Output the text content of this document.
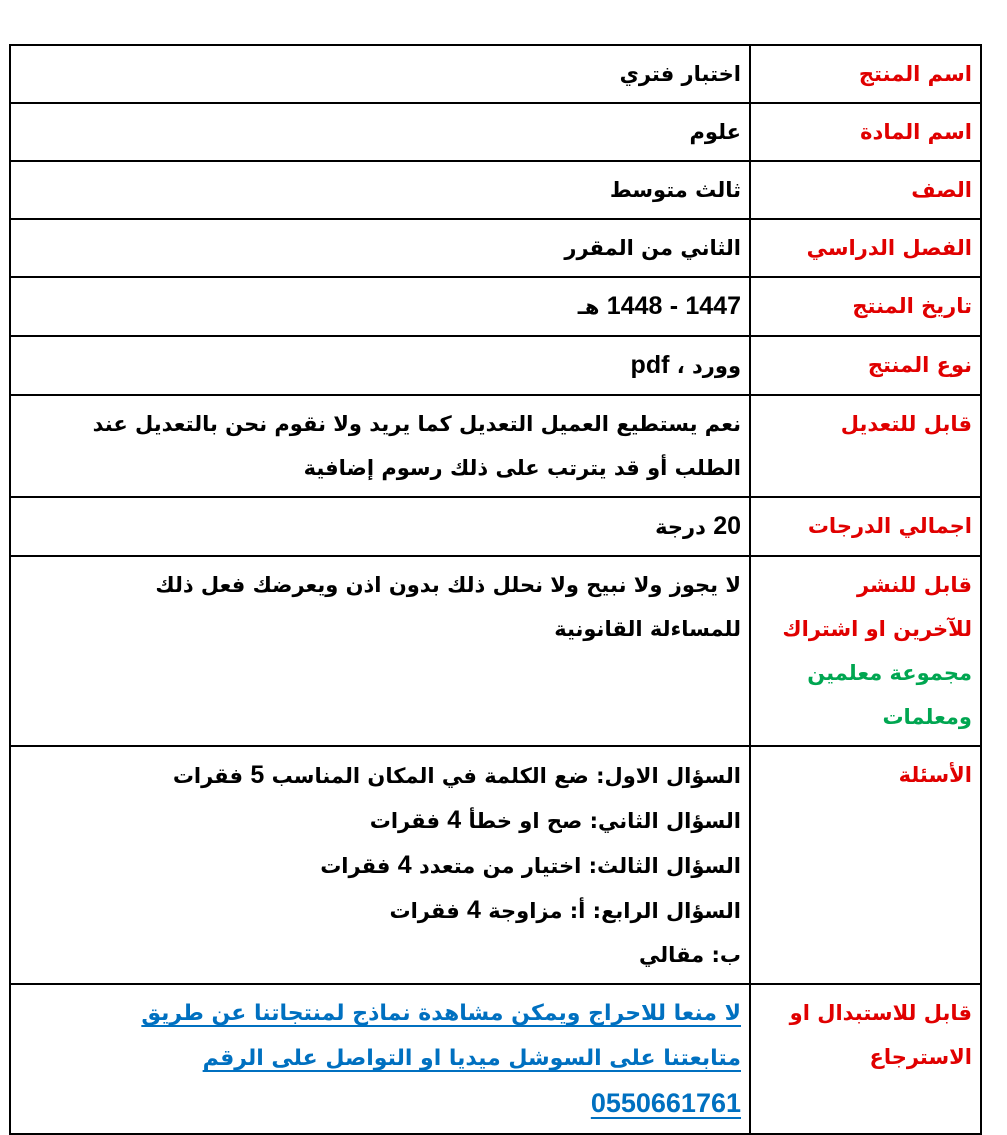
اسم المنتج	اختبار فتري
اسم المادة	علوم
الصف	ثالث متوسط
الفصل الدراسي	الثاني من المقرر
تاريخ المنتج	1447 - 1448 هـ
نوع المنتج	وورد ، pdf
قابل للتعديل	نعم يستطيع العميل التعديل كما يريد ولا نقوم نحن بالتعديل عند
الطلب أو قد يترتب على ذلك رسوم إضافية

اجمالي الدرجات	20 درجة

قابل للنشر
للآخرين او اشتراك
مجموعة معلمين
ومعلمات	لا يجوز ولا نبيح ولا نحلل ذلك بدون اذن ويعرضك فعل ذلك
للمساءلة القانونية

الأسئلة	السؤال الاول: ضع الكلمة في المكان المناسب 5 فقرات
السؤال الثاني: صح او خطأ 4 فقرات
السؤال الثالث: اختيار من متعدد 4 فقرات
السؤال الرابع: أ: مزاوجة 4 فقرات
ب: مقالي

قابل للاستبدال او
الاسترجاع	لا منعا للاحراج ويمكن مشاهدة نماذج لمنتجاتنا عن طريق
متابعتنا على السوشل ميديا او التواصل على الرقم
0550661761
